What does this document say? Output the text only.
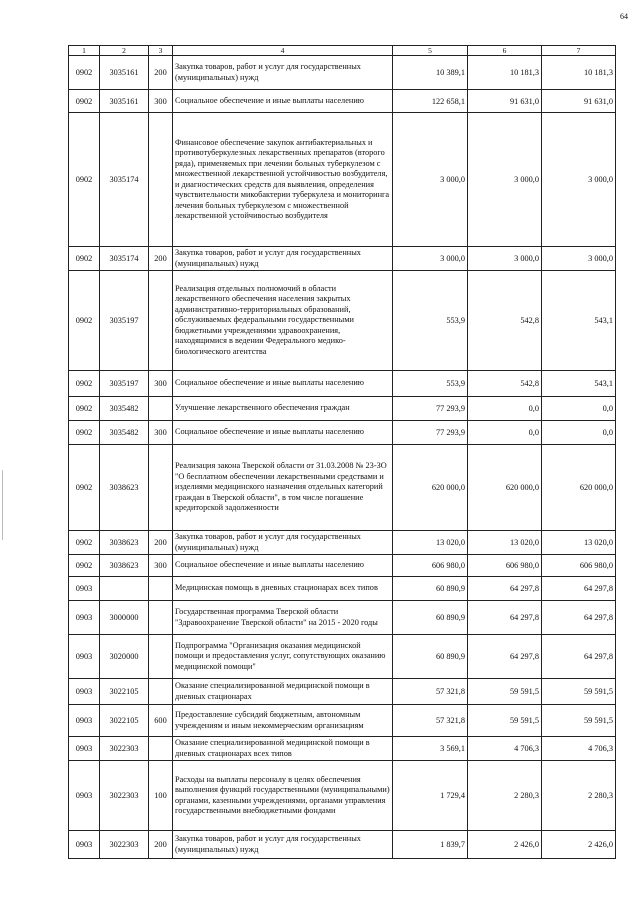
64
1	2	3	4	5	6	7
0902	3035161	200	Закупка товаров, работ и услуг для государственных (муниципальных) нужд	10 389,1	10 181,3	10 181,3
0902	3035161	300	Социальное обеспечение и иные выплаты населению	122 658,1	91 631,0	91 631,0
0902	3035174		Финансовое обеспечение закупок антибактериальных и противотуберкулезных лекарственных препаратов (второго ряда), применяемых при лечении больных туберкулезом с множественной лекарственной устойчивостью возбудителя, и диагностических средств для выявления, определения чувствительности микобактерии туберкулеза и мониторинга лечения больных туберкулезом с множественной лекарственной устойчивостью возбудителя	3 000,0	3 000,0	3 000,0
0902	3035174	200	Закупка товаров, работ и услуг для государственных (муниципальных) нужд	3 000,0	3 000,0	3 000,0
0902	3035197		Реализация отдельных полномочий в области лекарственного обеспечения населения закрытых административно-территориальных образований, обслуживаемых федеральными государственными бюджетными учреждениями здравоохранения, находящимися в ведении Федерального медико-биологического агентства	553,9	542,8	543,1
0902	3035197	300	Социальное обеспечение и иные выплаты населению	553,9	542,8	543,1
0902	3035482		Улучшение лекарственного обеспечения граждан	77 293,9	0,0	0,0
0902	3035482	300	Социальное обеспечение и иные выплаты населению	77 293,9	0,0	0,0
0902	3038623		Реализация закона Тверской области от 31.03.2008 № 23-ЗО "О бесплатном обеспечении лекарственными средствами и изделиями медицинского назначения отдельных категорий граждан в Тверской области", в том числе погашение кредиторской задолженности	620 000,0	620 000,0	620 000,0
0902	3038623	200	Закупка товаров, работ и услуг для государственных (муниципальных) нужд	13 020,0	13 020,0	13 020,0
0902	3038623	300	Социальное обеспечение и иные выплаты населению	606 980,0	606 980,0	606 980,0
0903			Медицинская помощь в дневных стационарах всех типов	60 890,9	64 297,8	64 297,8
0903	3000000		Государственная программа Тверской области "Здравоохранение Тверской области" на 2015 - 2020 годы	60 890,9	64 297,8	64 297,8
0903	3020000		Подпрограмма "Организация оказания медицинской помощи и предоставления услуг, сопутствующих оказанию медицинской помощи"	60 890,9	64 297,8	64 297,8
0903	3022105		Оказание специализированной медицинской помощи в дневных стационарах	57 321,8	59 591,5	59 591,5
0903	3022105	600	Предоставление субсидий бюджетным, автономным учреждениям и иным некоммерческим организациям	57 321,8	59 591,5	59 591,5
0903	3022303		Оказание специализированной медицинской помощи в дневных стационарах всех типов	3 569,1	4 706,3	4 706,3
0903	3022303	100	Расходы на выплаты персоналу в целях обеспечения выполнения функций государственными (муниципальными) органами, казенными учреждениями, органами управления государственными внебюджетными фондами	1 729,4	2 280,3	2 280,3
0903	3022303	200	Закупка товаров, работ и услуг для государственных (муниципальных) нужд	1 839,7	2 426,0	2 426,0
